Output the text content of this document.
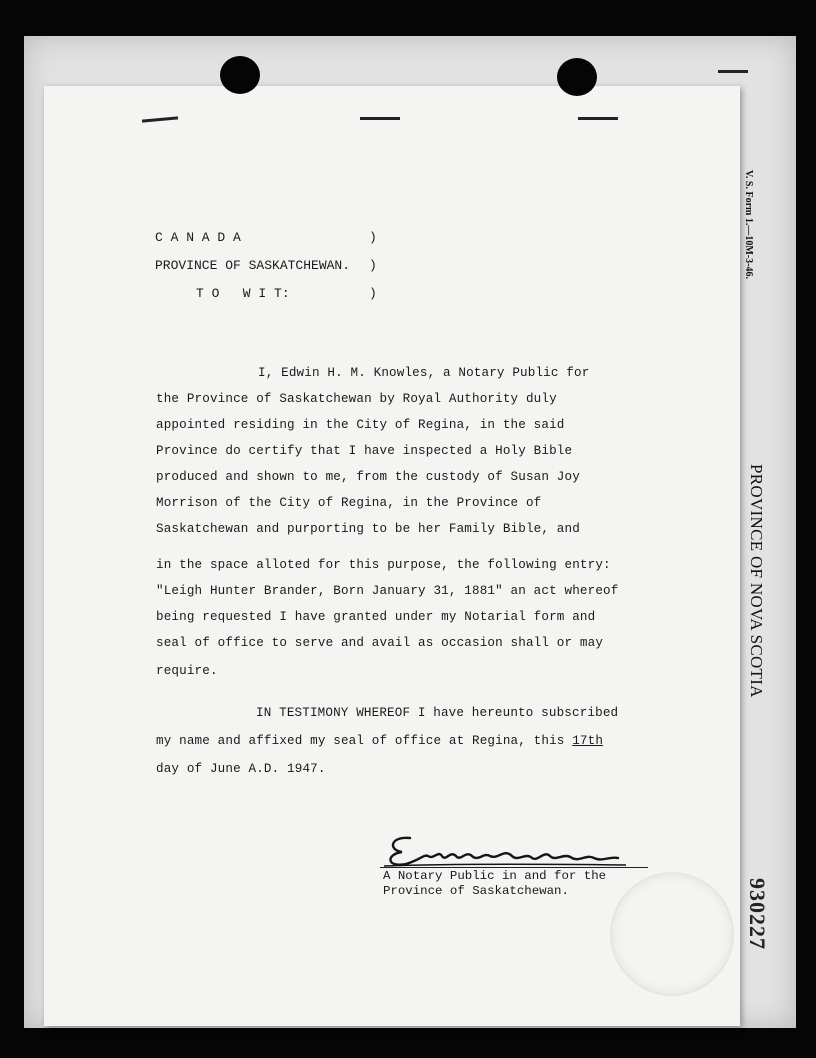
V. S. Form 1.—10M-3-46.
PROVINCE OF NOVA SCOTIA
930227
C A N A D A
PROVINCE OF SASKATCHEWAN.
T O   W I T:
)
)
)
I, Edwin H. M. Knowles, a Notary Public for
the Province of Saskatchewan by Royal Authority duly
appointed residing in the City of Regina, in the said
Province do certify that I have inspected a Holy Bible
produced and shown to me, from the custody of Susan Joy
Morrison of the City of Regina, in the Province of
Saskatchewan and purporting to be her Family Bible, and
in the space alloted for this purpose, the following entry:
"Leigh Hunter Brander, Born January 31, 1881" an act whereof
being requested I have granted under my Notarial form and
seal of office to serve and avail as occasion shall or may
require.
IN TESTIMONY WHEREOF I have hereunto subscribed
my name and affixed my seal of office at Regina, this 17th
day of June A.D. 1947.
A Notary Public in and for the
Province of Saskatchewan.
